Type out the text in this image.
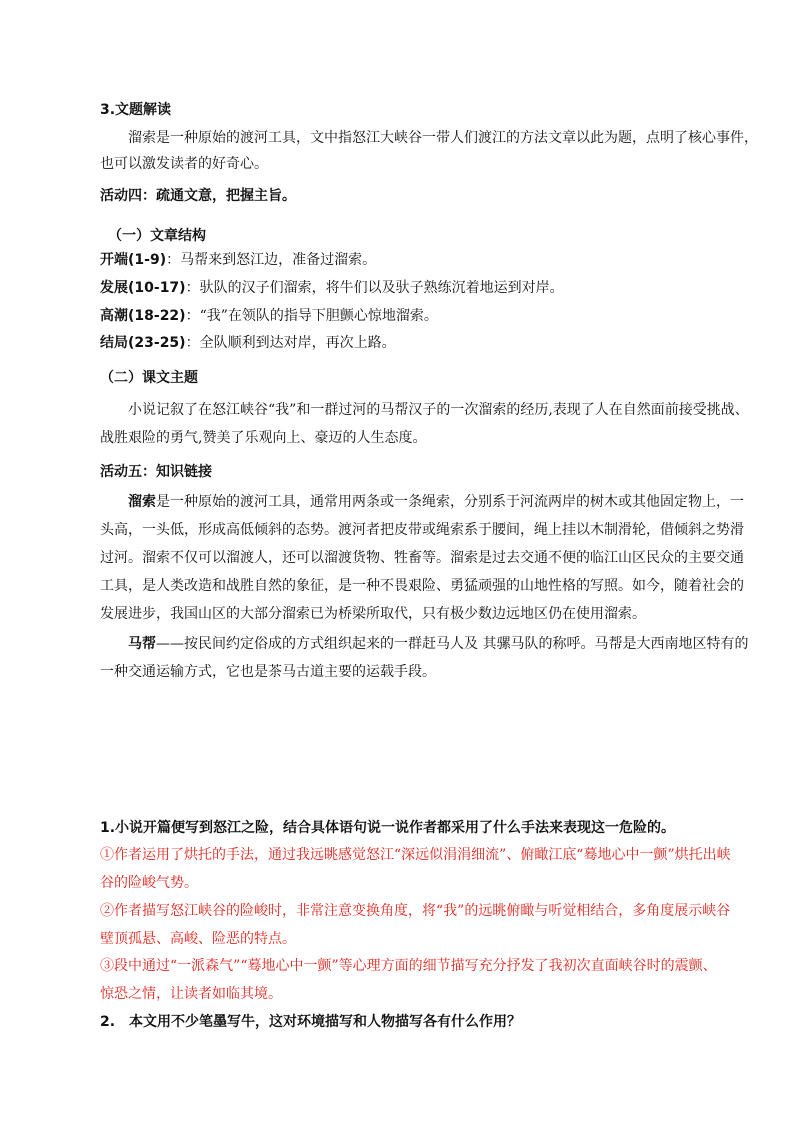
3.文题解读
溜索是一种原始的渡河工具，文中指怒江大峡谷一带人们渡江的方法文章以此为题，点明了核心事件，
也可以激发读者的好奇心。
活动四：疏通文意，把握主旨。
（一）文章结构
开端(1-9)：马帮来到怒江边，准备过溜索。
发展(10-17)：驮队的汉子们溜索，将牛们以及驮子熟练沉着地运到对岸。
高潮(18-22)：“我”在领队的指导下胆颤心惊地溜索。
结局(23-25)：全队顺利到达对岸，再次上路。
（二）课文主题
小说记叙了在怒江峡谷“我”和一群过河的马帮汉子的一次溜索的经历,表现了人在自然面前接受挑战、
战胜艰险的勇气,赞美了乐观向上、豪迈的人生态度。
活动五：知识链接
溜索是一种原始的渡河工具，通常用两条或一条绳索，分别系于河流两岸的树木或其他固定物上，一
头高，一头低，形成高低倾斜的态势。渡河者把皮带或绳索系于腰间，绳上挂以木制滑轮，借倾斜之势滑
过河。溜索不仅可以溜渡人，还可以溜渡货物、牲畜等。溜索是过去交通不便的临江山区民众的主要交通
工具，是人类改造和战胜自然的象征，是一种不畏艰险、勇猛顽强的山地性格的写照。如今，随着社会的
发展进步，我国山区的大部分溜索已为桥梁所取代，只有极少数边远地区仍在使用溜索。
马帮——按民间约定俗成的方式组织起来的一群赶马人及 其骡马队的称呼。马帮是大西南地区特有的
一种交通运输方式，它也是茶马古道主要的运载手段。
1.小说开篇便写到怒江之险，结合具体语句说一说作者都采用了什么手法来表现这一危险的。
①作者运用了烘托的手法，通过我远眺感觉怒江“深远似涓涓细流”、俯瞰江底“蓦地心中一颤”烘托出峡
谷的险峻气势。
②作者描写怒江峡谷的险峻时，非常注意变换角度，将“我”的远眺俯瞰与听觉相结合，多角度展示峡谷
壁顶孤悬、高峻、险恶的特点。
③段中通过“一派森气”“蓦地心中一颤”等心理方面的细节描写充分抒发了我初次直面峡谷时的震颤、
惊恐之情，让读者如临其境。
2.　本文用不少笔墨写牛，这对环境描写和人物描写各有什么作用？
